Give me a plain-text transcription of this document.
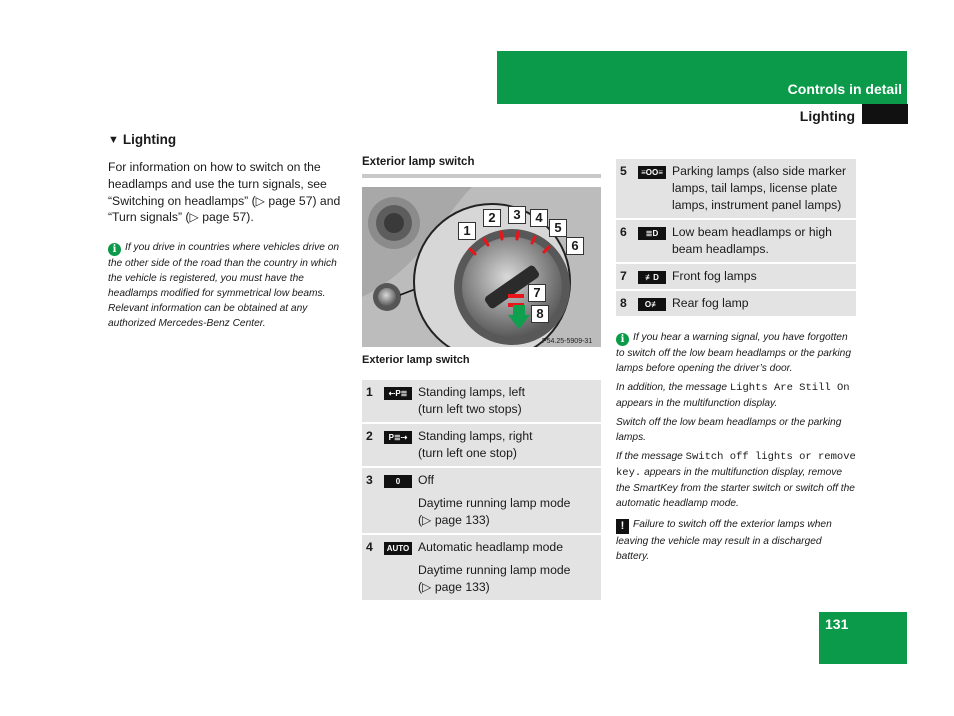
Controls in detail
Lighting
▼ Lighting

For information on how to switch on the headlamps and use the turn signals, see “Switching on headlamps” (▷ page 57) and “Turn signals” (▷ page 57).

i If you drive in countries where vehicles drive on the other side of the road than the country in which the vehicle is registered, you must have the headlamps modified for symmetrical low beams. Relevant information can be obtained at any authorized Mercedes-Benz Center.

Exterior lamp switch

P54.25-5909-31
1
2	3	4
5
6
7
8
Exterior lamp switch
1	⇠P≣	Standing lamps, left
(turn left two stops)

2	P≣⇢	Standing lamps, right
(turn left one stop)

3	0	Off
Daytime running lamp mode
(▷ page 133)

4	AUTO	Automatic headlamp mode
Daytime running lamp mode
(▷ page 133)
5	≡OO≡	Parking lamps (also side marker lamps, tail lamps, license plate lamps, instrument panel lamps)
6	≣D	Low beam headlamps or high beam headlamps.
7	≢D	Front fog lamps
8	O≢	Rear fog lamp
i If you hear a warning signal, you have forgotten to switch off the low beam headlamps or the parking lamps before opening the driver’s door.
In addition, the message Lights Are Still On appears in the multifunction display.
Switch off the low beam headlamps or the parking lamps.
If the message Switch off lights or remove key. appears in the multifunction display, remove the SmartKey from the starter switch or switch off the automatic headlamp mode.
! Failure to switch off the exterior lamps when leaving the vehicle may result in a discharged battery.
131
